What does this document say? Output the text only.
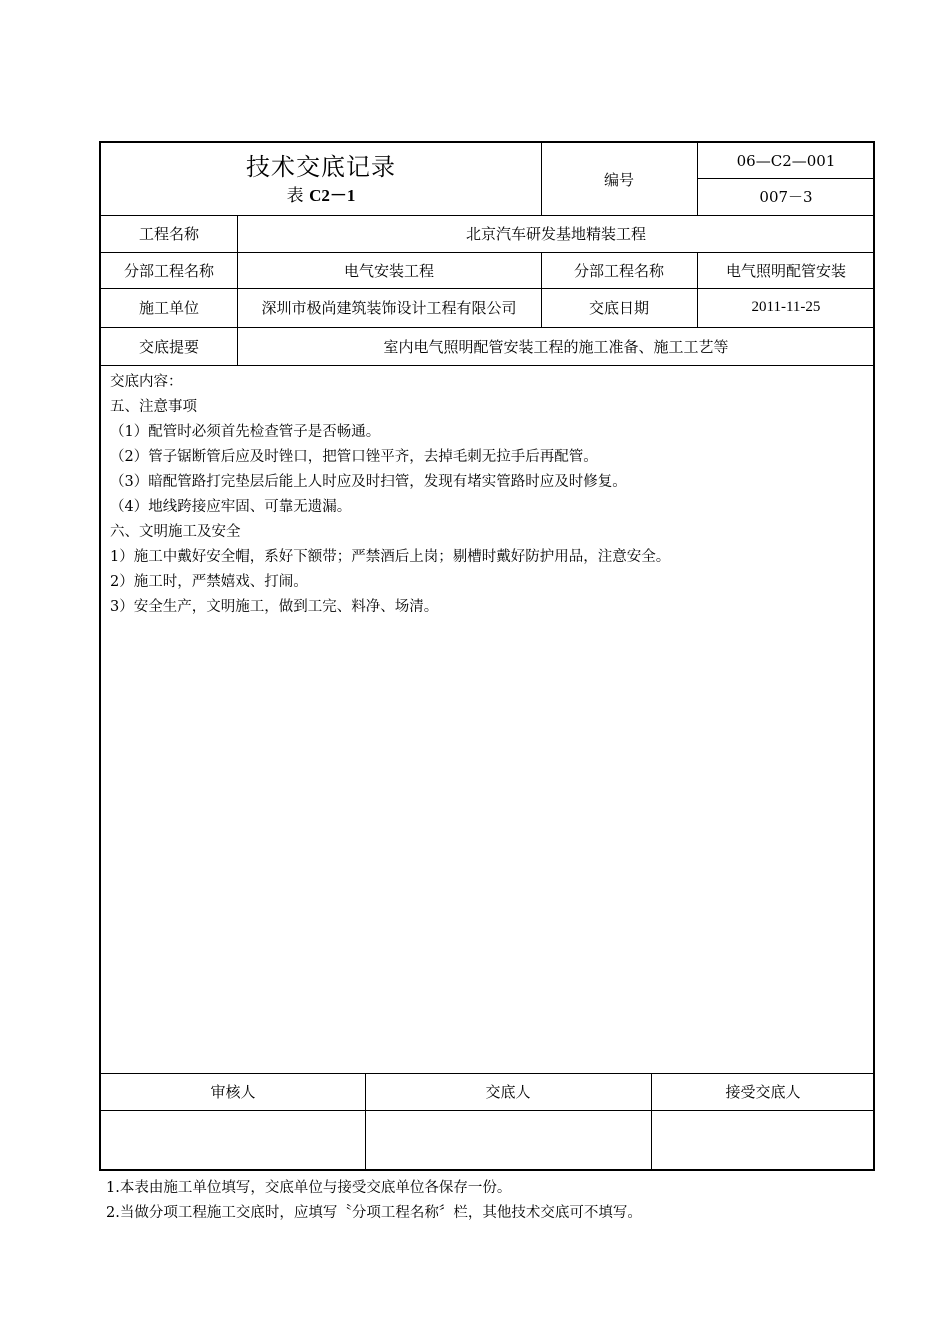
技术交底记录
表 C2－1
编号
06—C2—001
007－3
工程名称	北京汽车研发基地精装工程
分部工程名称	电气安装工程	分部工程名称	电气照明配管安装
施工单位	深圳市极尚建筑装饰设计工程有限公司	交底日期	2011-11-25
交底提要	室内电气照明配管安装工程的施工准备、施工工艺等
交底内容：
五、注意事项
（1）配管时必须首先检查管子是否畅通。
（2）管子锯断管后应及时锉口，把管口锉平齐，去掉毛刺无拉手后再配管。
（3）暗配管路打完垫层后能上人时应及时扫管，发现有堵实管路时应及时修复。
（4）地线跨接应牢固、可靠无遗漏。
六、文明施工及安全
1）施工中戴好安全帽，系好下额带；严禁酒后上岗；剔槽时戴好防护用品，注意安全。
2）施工时，严禁嬉戏、打闹。
3）安全生产，文明施工，做到工完、料净、场清。
审核人	交底人	接受交底人
1.本表由施工单位填写，交底单位与接受交底单位各保存一份。
2.当做分项工程施工交底时，应填写〝分项工程名称〞栏，其他技术交底可不填写。
